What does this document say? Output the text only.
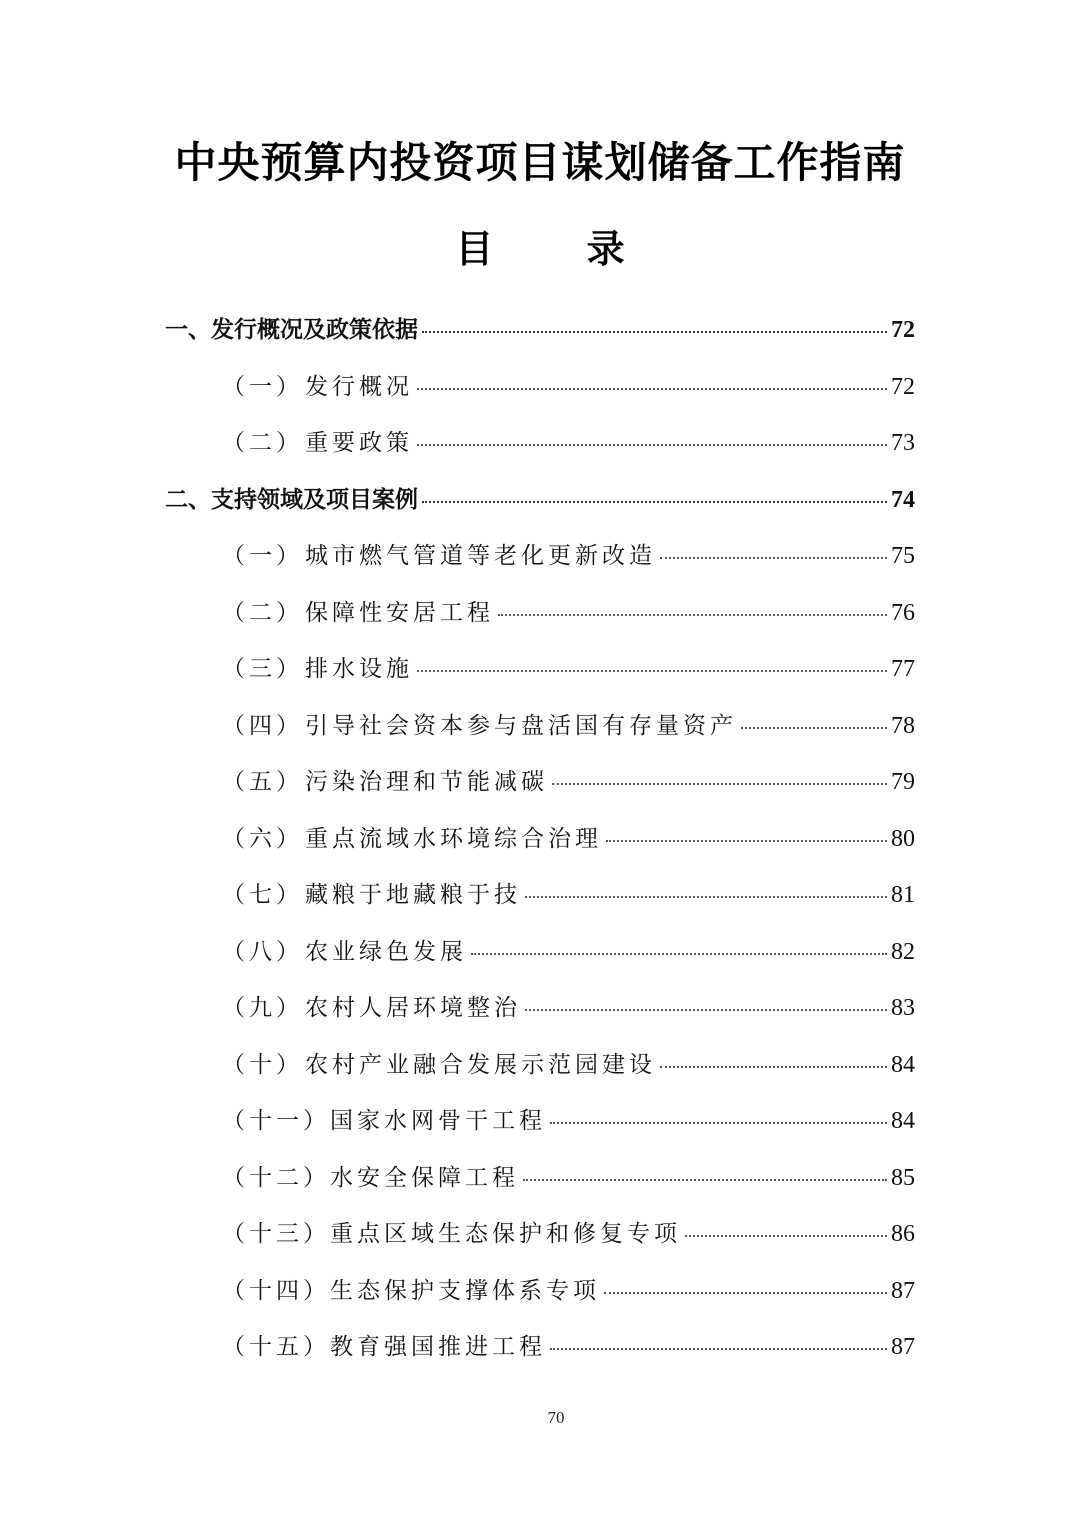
中央预算内投资项目谋划储备工作指南
目 录
一、 发行概况及政策依据	72
（一） 发行概况	72
（二） 重要政策	73
二、 支持领域及项目案例	74
（一） 城市燃气管道等老化更新改造	75
（二） 保障性安居工程	76
（三） 排水设施	77
（四） 引导社会资本参与盘活国有存量资产	78
（五） 污染治理和节能减碳	79
（六） 重点流域水环境综合治理	80
（七） 藏粮于地藏粮于技	81
（八） 农业绿色发展	82
（九） 农村人居环境整治	83
（十） 农村产业融合发展示范园建设	84
（十一） 国家水网骨干工程	84
（十二） 水安全保障工程	85
（十三） 重点区域生态保护和修复专项	86
（十四） 生态保护支撑体系专项	87
（十五） 教育强国推进工程	87
70
